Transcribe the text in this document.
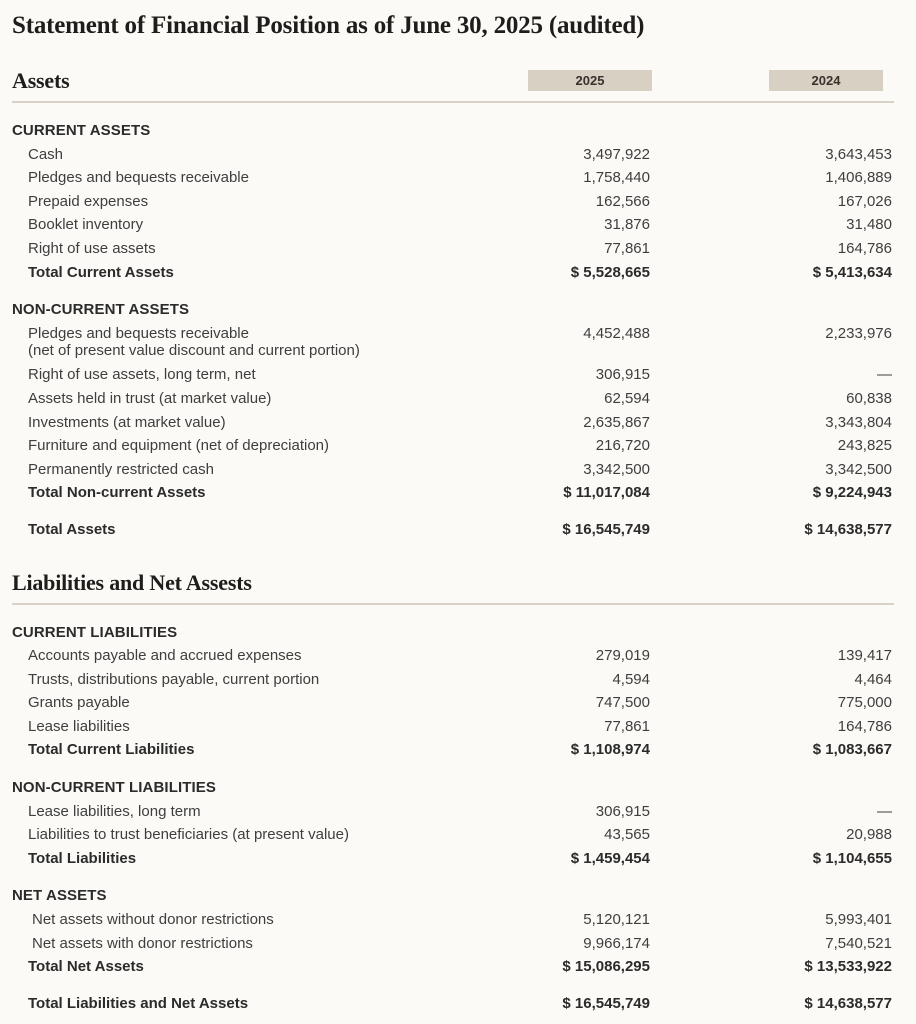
Statement of Financial Position as of June 30, 2025 (audited)
Assets	2025	2024
CURRENT ASSETS
Cash	3,497,922	3,643,453
Pledges and bequests receivable	1,758,440	1,406,889
Prepaid expenses	162,566	167,026
Booklet inventory	31,876	31,480
Right of use assets	77,861	164,786
Total Current Assets	$ 5,528,665	$ 5,413,634
NON-CURRENT ASSETS
Pledges and bequests receivable
(net of present value discount and current portion)
4,452,488	2,233,976
Right of use assets, long term, net	306,915	—
Assets held in trust (at market value)	62,594	60,838
Investments (at market value)	2,635,867	3,343,804
Furniture and equipment (net of depreciation)	216,720	243,825
Permanently restricted cash	3,342,500	3,342,500
Total Non-current Assets	$ 11,017,084	$ 9,224,943
Total Assets	$ 16,545,749	$ 14,638,577
Liabilities and Net Assests
CURRENT LIABILITIES
Accounts payable and accrued expenses	279,019	139,417
Trusts, distributions payable, current portion	4,594	4,464
Grants payable	747,500	775,000
Lease liabilities	77,861	164,786
Total Current Liabilities	$ 1,108,974	$ 1,083,667
NON-CURRENT LIABILITIES
Lease liabilities, long term	306,915	—
Liabilities to trust beneficiaries (at present value)	43,565	20,988
Total Liabilities	$ 1,459,454	$ 1,104,655
NET ASSETS
Net assets without donor restrictions	5,120,121	5,993,401
Net assets with donor restrictions	9,966,174	7,540,521
Total Net Assets	$ 15,086,295	$ 13,533,922
Total Liabilities and Net Assets	$ 16,545,749	$ 14,638,577
